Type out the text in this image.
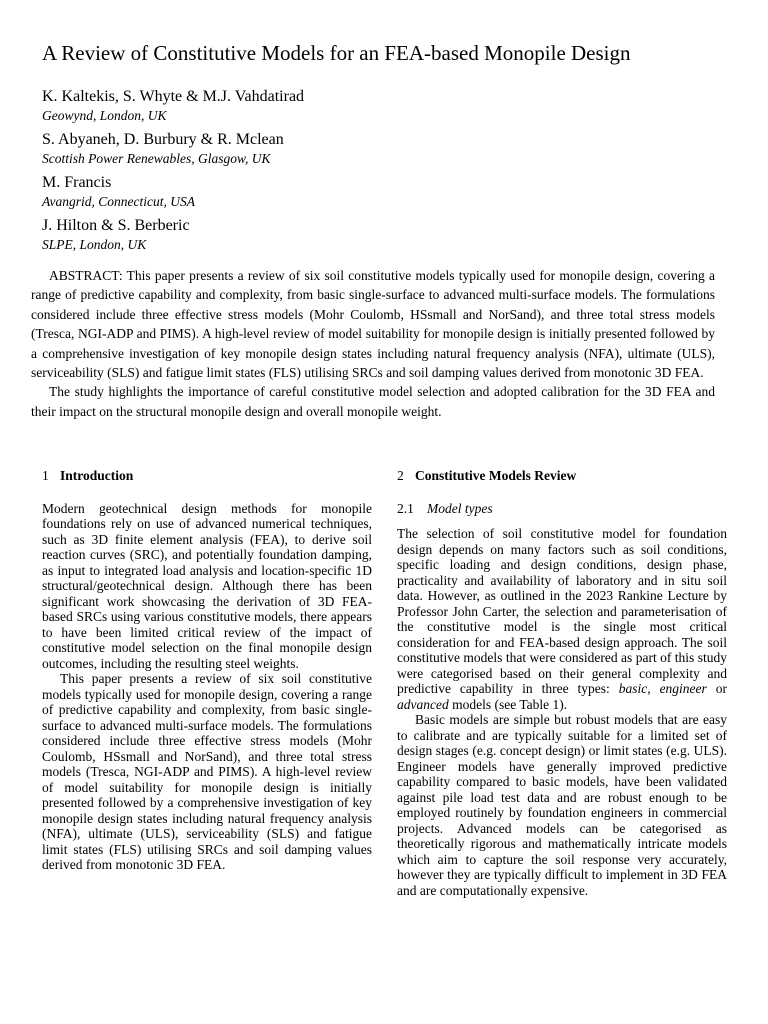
A Review of Constitutive Models for an FEA-based Monopile Design
K. Kaltekis, S. Whyte & M.J. Vahdatirad
Geowynd, London, UK
S. Abyaneh, D. Burbury & R. Mclean
Scottish Power Renewables, Glasgow, UK
M. Francis
Avangrid, Connecticut, USA
J. Hilton & S. Berberic
SLPE, London, UK

ABSTRACT: This paper presents a review of six soil constitutive models typically used for monopile design, covering a range of predictive capability and complexity, from basic single-surface to advanced multi-surface models. The formulations considered include three effective stress models (Mohr Coulomb, HSsmall and NorSand), and three total stress models (Tresca, NGI-ADP and PIMS). A high-level review of model suitability for monopile design is initially presented followed by a comprehensive investigation of key monopile design states including natural frequency analysis (NFA), ultimate (ULS), serviceability (SLS) and fatigue limit states (FLS) utilising SRCs and soil damping values derived from monotonic 3D FEA.

The study highlights the importance of careful constitutive model selection and adopted calibration for the 3D FEA and their impact on the structural monopile design and overall monopile weight.

1 Introduction

Modern geotechnical design methods for monopile foundations rely on use of advanced numerical techniques, such as 3D finite element analysis (FEA), to derive soil reaction curves (SRC), and potentially foundation damping, as input to integrated load analysis and location-specific 1D structural/geotechnical design. Although there has been significant work showcasing the derivation of 3D FEA-based SRCs using various constitutive models, there appears to have been limited critical review of the impact of constitutive model selection on the final monopile design outcomes, including the resulting steel weights.

This paper presents a review of six soil constitutive models typically used for monopile design, covering a range of predictive capability and complexity, from basic single-surface to advanced multi-surface models. The formulations considered include three effective stress models (Mohr Coulomb, HSsmall and NorSand), and three total stress models (Tresca, NGI-ADP and PIMS). A high-level review of model suitability for monopile design is initially presented followed by a comprehensive investigation of key monopile design states including natural frequency analysis (NFA), ultimate (ULS), serviceability (SLS) and fatigue limit states (FLS) utilising SRCs and soil damping values derived from monotonic 3D FEA.

2 Constitutive Models Review
2.1 Model types

The selection of soil constitutive model for foundation design depends on many factors such as soil conditions, specific loading and design conditions, design phase, practicality and availability of laboratory and in situ soil data. However, as outlined in the 2023 Rankine Lecture by Professor John Carter, the selection and parameterisation of the constitutive model is the single most critical consideration for and FEA-based design approach. The soil constitutive models that were considered as part of this study were categorised based on their general complexity and predictive capability in three types: basic, engineer or advanced models (see Table 1).

Basic models are simple but robust models that are easy to calibrate and are typically suitable for a limited set of design stages (e.g. concept design) or limit states (e.g. ULS). Engineer models have generally improved predictive capability compared to basic models, have been validated against pile load test data and are robust enough to be employed routinely by foundation engineers in commercial projects. Advanced models can be categorised as theoretically rigorous and mathematically intricate models which aim to capture the soil response very accurately, however they are typically difficult to implement in 3D FEA and are computationally expensive.
